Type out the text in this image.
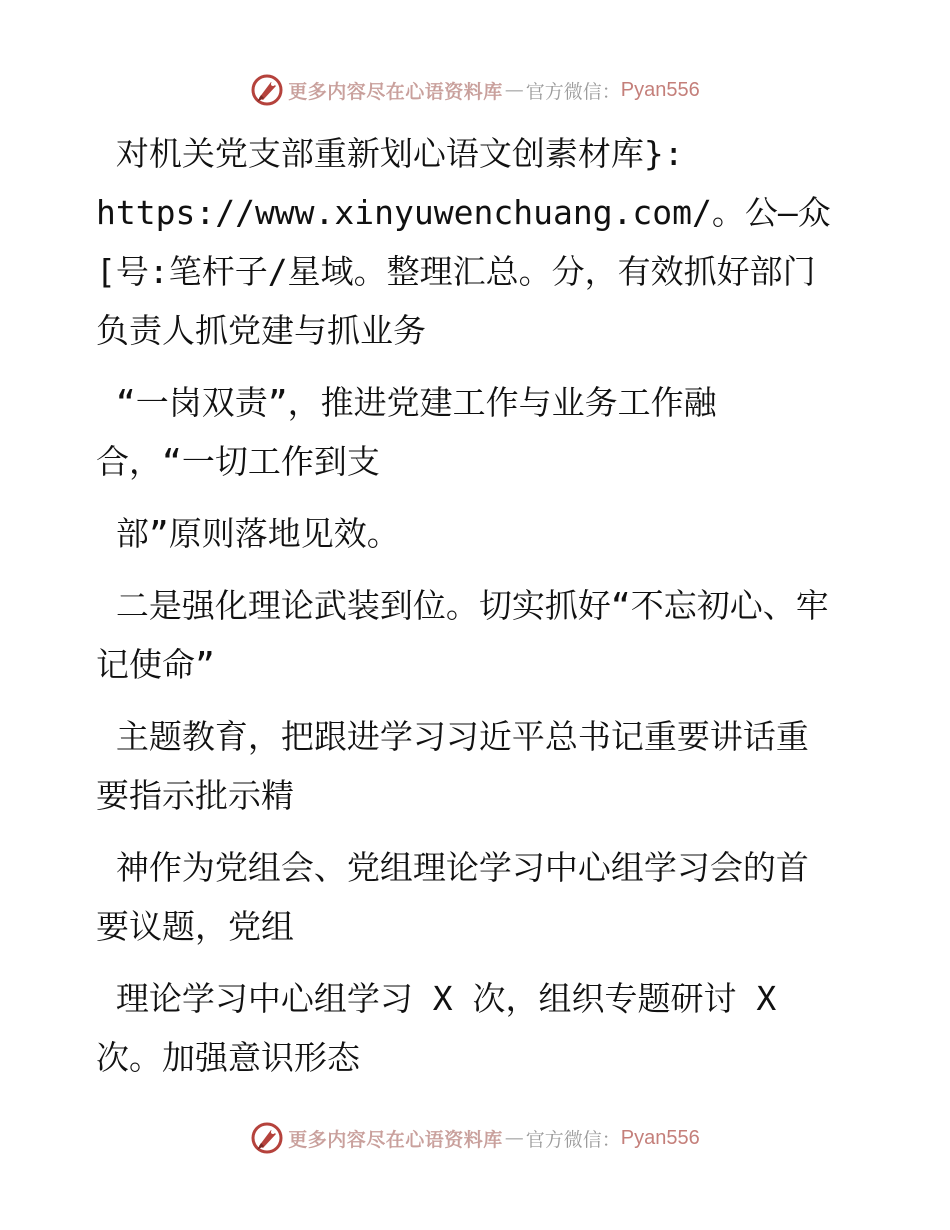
更多内容尽在心语资料库 — 官方微信： Pyan556

对机关党支部重新划心语文创素材库}:
https://www.xinyuwenchuang.com/。公—众[号:笔杆子/星域。整理汇总。分，有效抓好部门负责人抓党建与抓业务

“一岗双责”，推进党建工作与业务工作融
合，“一切工作到支

部”原则落地见效。

二是强化理论武装到位。切实抓好“不忘初心、牢记使命”

主题教育，把跟进学习习近平总书记重要讲话重要指示批示精

神作为党组会、党组理论学习中心组学习会的首要议题，党组

理论学习中心组学习 X 次，组织专题研讨 X
次。加强意识形态

更多内容尽在心语资料库 — 官方微信： Pyan556
